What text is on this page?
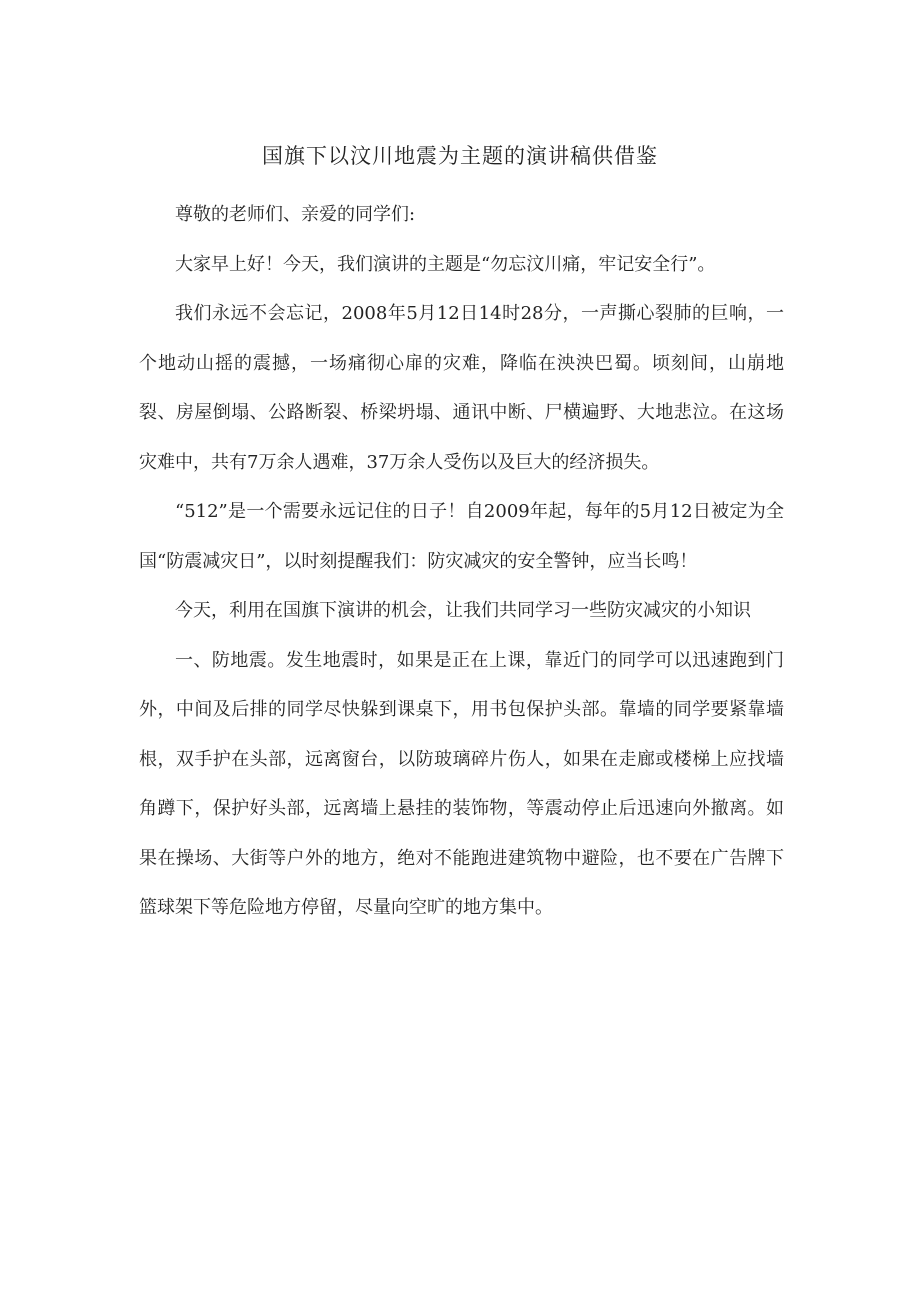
国旗下以汶川地震为主题的演讲稿供借鉴

尊敬的老师们、亲爱的同学们:

大家早上好！今天，我们演讲的主题是“勿忘汶川痛，牢记安全行”。

我们永远不会忘记，2008年5月12日14时28分，一声撕心裂肺的巨响，一个地动山摇的震撼，一场痛彻心扉的灾难，降临在泱泱巴蜀。顷刻间，山崩地裂、房屋倒塌、公路断裂、桥梁坍塌、通讯中断、尸横遍野、大地悲泣。在这场灾难中，共有7万余人遇难，37万余人受伤以及巨大的经济损失。

“512”是一个需要永远记住的日子！自2009年起，每年的5月12日被定为全国“防震减灾日”，以时刻提醒我们：防灾减灾的安全警钟，应当长鸣！

今天，利用在国旗下演讲的机会，让我们共同学习一些防灾减灾的小知识

一、防地震。发生地震时，如果是正在上课，靠近门的同学可以迅速跑到门外，中间及后排的同学尽快躲到课桌下，用书包保护头部。靠墙的同学要紧靠墙根，双手护在头部，远离窗台，以防玻璃碎片伤人，如果在走廊或楼梯上应找墙角蹲下，保护好头部，远离墙上悬挂的装饰物，等震动停止后迅速向外撤离。如果在操场、大街等户外的地方，绝对不能跑进建筑物中避险，也不要在广告牌下篮球架下等危险地方停留，尽量向空旷的地方集中。
